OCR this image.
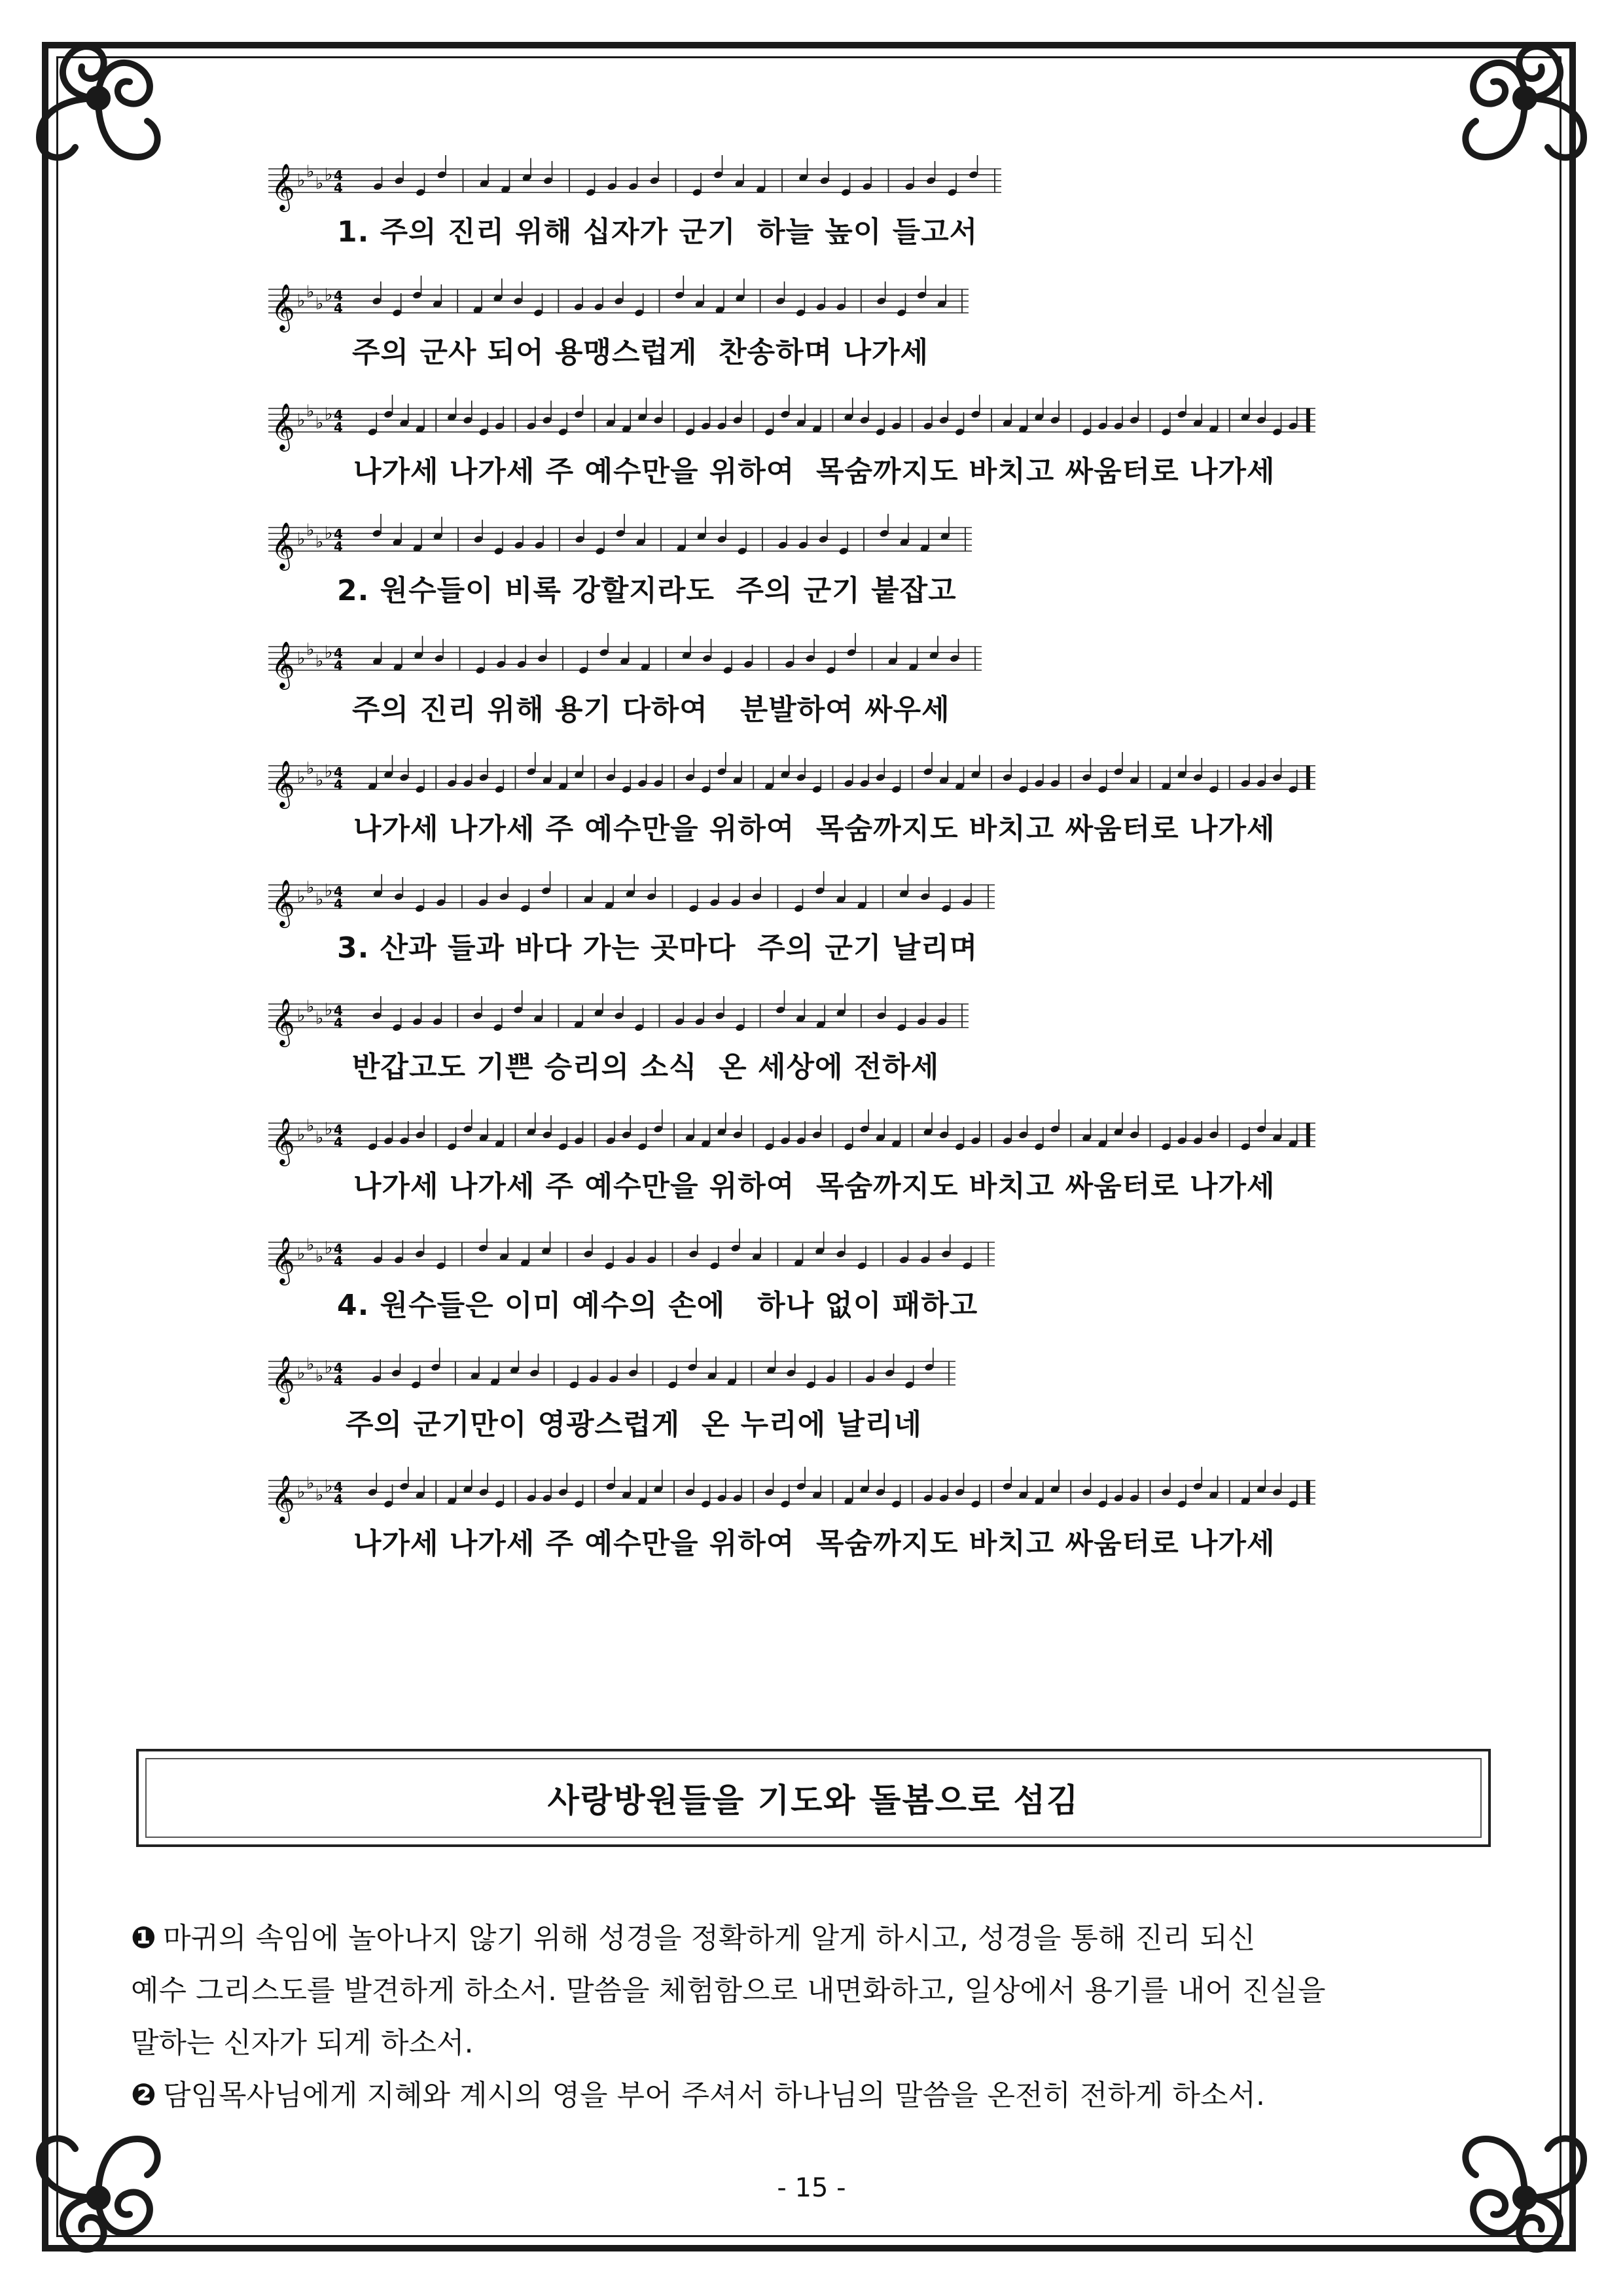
𝄞 ♭ ♭
♭ ♭ 4
4
1. 주의 진리 위해 십자가 군기  하늘 높이 들고서
𝄞 ♭ ♭
♭ ♭ 4
4
주의 군사 되어 용맹스럽게  찬송하며 나가세
𝄞 ♭ ♭
♭ ♭ 4
4
나가세 나가세 주 예수만을 위하여  목숨까지도 바치고 싸움터로 나가세
𝄞 ♭ ♭
♭ ♭ 4
4
2. 원수들이 비록 강할지라도  주의 군기 붙잡고
𝄞 ♭ ♭
♭ ♭ 4
4
주의 진리 위해 용기 다하여   분발하여 싸우세
𝄞 ♭ ♭
♭ ♭ 4
4
나가세 나가세 주 예수만을 위하여  목숨까지도 바치고 싸움터로 나가세
𝄞 ♭ ♭
♭ ♭ 4
4
3. 산과 들과 바다 가는 곳마다  주의 군기 날리며
𝄞 ♭ ♭
♭ ♭ 4
4
반갑고도 기쁜 승리의 소식  온 세상에 전하세
𝄞 ♭ ♭
♭ ♭ 4
4
나가세 나가세 주 예수만을 위하여  목숨까지도 바치고 싸움터로 나가세
𝄞 ♭ ♭
♭ ♭ 4
4
4. 원수들은 이미 예수의 손에   하나 없이 패하고
𝄞 ♭ ♭
♭ ♭ 4
4
주의 군기만이 영광스럽게  온 누리에 날리네
𝄞 ♭ ♭
♭ ♭ 4
4
나가세 나가세 주 예수만을 위하여  목숨까지도 바치고 싸움터로 나가세
사랑방원들을 기도와 돌봄으로 섬김
❶ 마귀의 속임에 놀아나지 않기 위해 성경을 정확하게 알게 하시고, 성경을 통해 진리 되신
예수 그리스도를 발견하게 하소서. 말씀을 체험함으로 내면화하고, 일상에서 용기를 내어 진실을
말하는 신자가 되게 하소서.
❷ 담임목사님에게 지혜와 계시의 영을 부어 주셔서 하나님의 말씀을 온전히 전하게 하소서.
- 15 -
